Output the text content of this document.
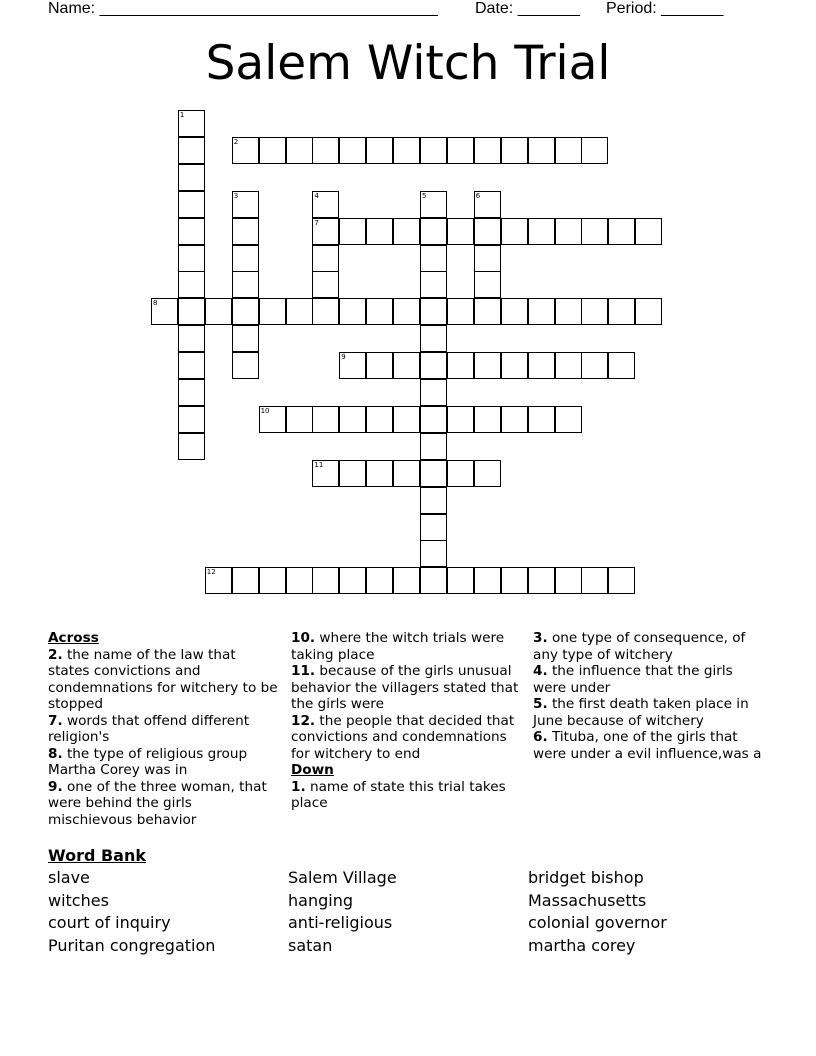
Name: ______________________________________ Date: _______ Period: _______
Salem Witch Trial
1
2
3	4
7
5	6
8
9
10
11
12

Across

2. the name of the law that states convictions and condemnations for witchery to be stopped

7. words that offend different religion's

8. the type of religious group Martha Corey was in

9. one of the three woman, that were behind the girls mischievous behavior

10. where the witch trials were taking place

11. because of the girls unusual behavior the villagers stated that the girls were

12. the people that decided that convictions and condemnations for witchery to end

Down

1. name of state this trial takes place

3. one type of consequence, of any type of witchery

4. the influence that the girls were under

5. the first death taken place in June because of witchery

6. Tituba, one of the girls that were under a evil influence,was a

Word Bank
slave
witches
court of inquiry
Puritan congregation
Salem Village
hanging
anti-religious
satan
bridget bishop
Massachusetts
colonial governor
martha corey
